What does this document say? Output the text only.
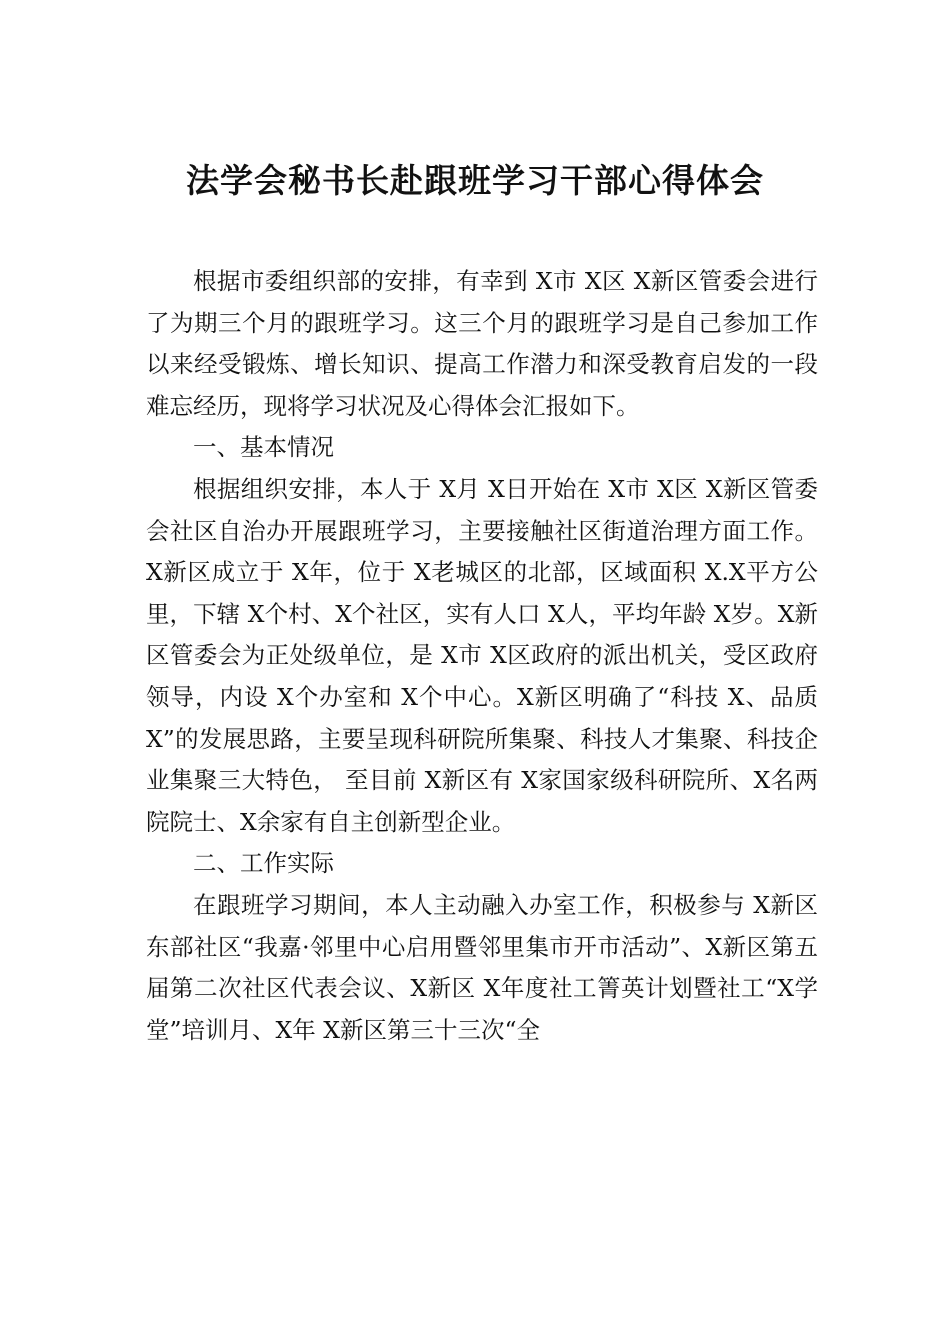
法学会秘书长赴跟班学习干部心得体会

根据市委组织部的安排，有幸到 X市 X区 X新区管委会进行了为期三个月的跟班学习。这三个月的跟班学习是自己参加工作以来经受锻炼、增长知识、提高工作潜力和深受教育启发的一段难忘经历，现将学习状况及心得体会汇报如下。

一、基本情况

根据组织安排，本人于 X月 X日开始在 X市 X区 X新区管委会社区自治办开展跟班学习，主要接触社区街道治理方面工作。X新区成立于 X年，位于 X老城区的北部，区域面积 X.X平方公里，下辖 X个村、X个社区，实有人口 X人，平均年龄 X岁。X新区管委会为正处级单位，是 X市 X区政府的派出机关，受区政府领导，内设 X个办室和 X个中心。X新区明确了“科技 X、品质 X”的发展思路，主要呈现科研院所集聚、科技人才集聚、科技企业集聚三大特色， 至目前 X新区有 X家国家级科研院所、X名两院院士、X余家有自主创新型企业。

二、工作实际

在跟班学习期间，本人主动融入办室工作，积极参与 X新区东部社区“我嘉·邻里中心启用暨邻里集市开市活动”、X新区第五届第二次社区代表会议、X新区 X年度社工箐英计划暨社工“X学堂”培训月、X年 X新区第三十三次“全
